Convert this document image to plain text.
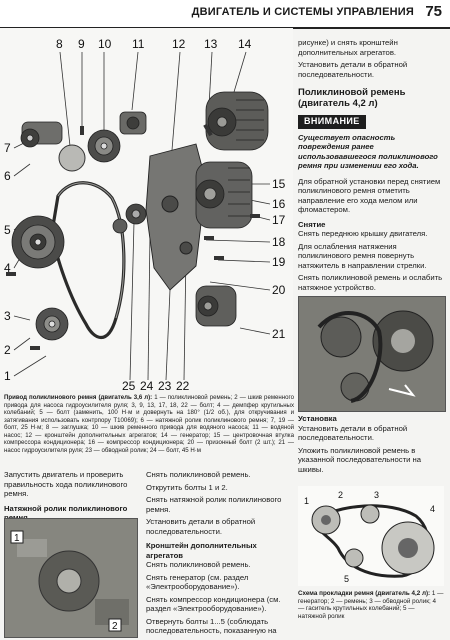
ДВИГАТЕЛЬ И СИСТЕМЫ УПРАВЛЕНИЯ 75
8 9 10 11 12 13 14
7
6
5
4
3
2
1
15
16
17
18
19
20
21
25 24 23 22
Привод поликлинового ремня (двигатель 3,6 л): 1 — поликлиновой ремень; 2 — шкив ременного привода для насоса гидроусилителя руля; 3, 9, 13, 17, 18, 22 — болт; 4 — демпфер крутильных колебаний; 5 — болт (заменить, 100 Н·м и довернуть на 180° (1/2 об.), для откручивания и затягивания использовать контрпору Т10069); 6 — натяжной ролик поликлинового ремня; 7, 19 — болт, 25 Н·м; 8 — заглушка; 10 — шкив ременного привода для водяного насоса; 11 — водяной насос; 12 — кронштейн дополнительных агрегатов; 14 — генератор; 15 — центровочная втулка компрессора кондиционера; 16 — компрессор кондиционера; 20 — призонный болт (2 шт.); 21 — насос гидроусилителя руля; 23 — обводной ролик; 24 — болт, 45 Н·м

Запустить двигатель и проверить правильность хода поликлинового ремня.

Натяжной ролик поликлинового
1
2

Снять поликлиновой ремень.

Открутить болты 1 и 2.

Снять натяжной ролик поликлинового ремня.

Установить детали в обратной последовательности.

Кронштейн дополнительных агрегатов

Снять поликлиновой ремень.

Снять генератор (см. раздел «Электрооборудование»).

Снять компрессор кондиционера (см. раздел «Электрооборудование»).

Отвернуть болты 1...5 (соблюдать последовательность, показанную на

рисунке) и снять кронштейн дополнительных агрегатов.

Установить детали в обратной последовательности.

Поликлиновой ремень (двигатель 4,2 л)
ВНИМАНИЕ
Существует опасность повреждения ранее использовавшегося поликлинового ремня при изменении его хода.

Для обратной установки перед снятием поликлинового ремня отметить направление его хода мелом или фломастером.

Снятие

Снять переднюю крышку двигателя.

Для ослабления натяжения поликлинового ремня повернуть натяжитель в направлении стрелки.

Снять поликлиновой ремень и ослабить натяжное устройство.

Установка

Установить детали в обратной последовательности.

Уложить поликлиновой ремень в указанной последовательности на шкивы.

1
2	3
4
5
Схема прокладки ремня (двигатель 4,2 л): 1 — генератор; 2 — ремень; 3 — обводной ролик; 4 — гаситель крутильных колебаний; 5 — натяжной ролик
